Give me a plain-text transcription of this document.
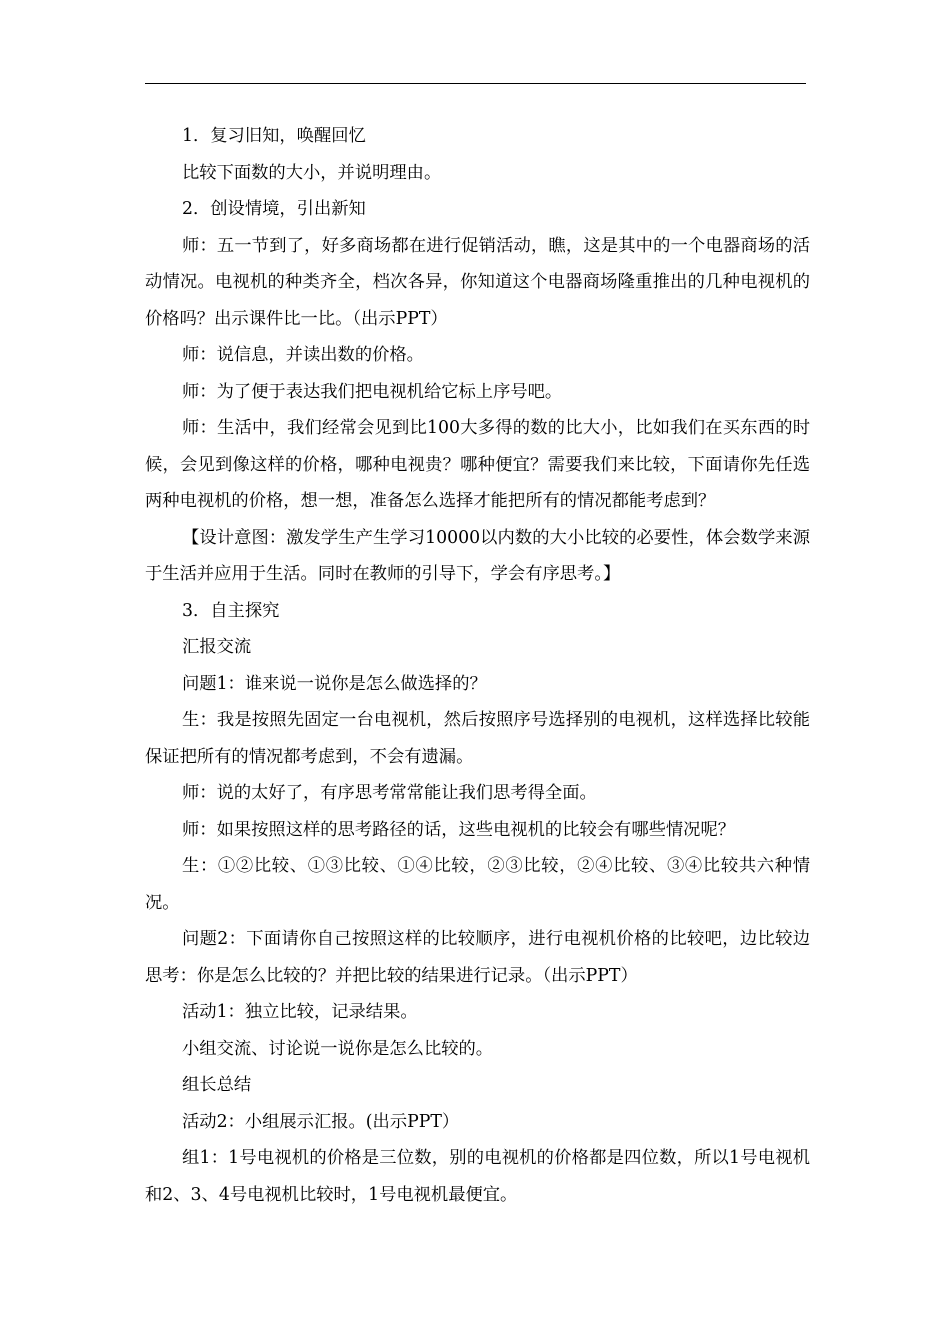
1．复习旧知，唤醒回忆

比较下面数的大小，并说明理由。

2．创设情境，引出新知

师：五一节到了，好多商场都在进行促销活动，瞧，这是其中的一个电器商场的活动情况。电视机的种类齐全，档次各异，你知道这个电器商场隆重推出的几种电视机的价格吗？出示课件比一比。（出示PPT）

师：说信息，并读出数的价格。

师：为了便于表达我们把电视机给它标上序号吧。

师：生活中，我们经常会见到比100大多得的数的比大小，比如我们在买东西的时候，会见到像这样的价格，哪种电视贵？哪种便宜？需要我们来比较，下面请你先任选两种电视机的价格，想一想，准备怎么选择才能把所有的情况都能考虑到？

【设计意图：激发学生产生学习10000以内数的大小比较的必要性，体会数学来源于生活并应用于生活。同时在教师的引导下，学会有序思考。】

3．自主探究

汇报交流

问题1：谁来说一说你是怎么做选择的？

生：我是按照先固定一台电视机，然后按照序号选择别的电视机，这样选择比较能保证把所有的情况都考虑到，不会有遗漏。

师：说的太好了，有序思考常常能让我们思考得全面。

师：如果按照这样的思考路径的话，这些电视机的比较会有哪些情况呢？

生：①②比较、①③比较、①④比较，②③比较，②④比较、③④比较共六种情况。

问题2：下面请你自己按照这样的比较顺序，进行电视机价格的比较吧，边比较边思考：你是怎么比较的？并把比较的结果进行记录。（出示PPT）

活动1：独立比较，记录结果。

小组交流、讨论说一说你是怎么比较的。

组长总结

活动2：小组展示汇报。(出示PPT）

组1：1号电视机的价格是三位数，别的电视机的价格都是四位数，所以1号电视机和2、3、4号电视机比较时，1号电视机最便宜。
